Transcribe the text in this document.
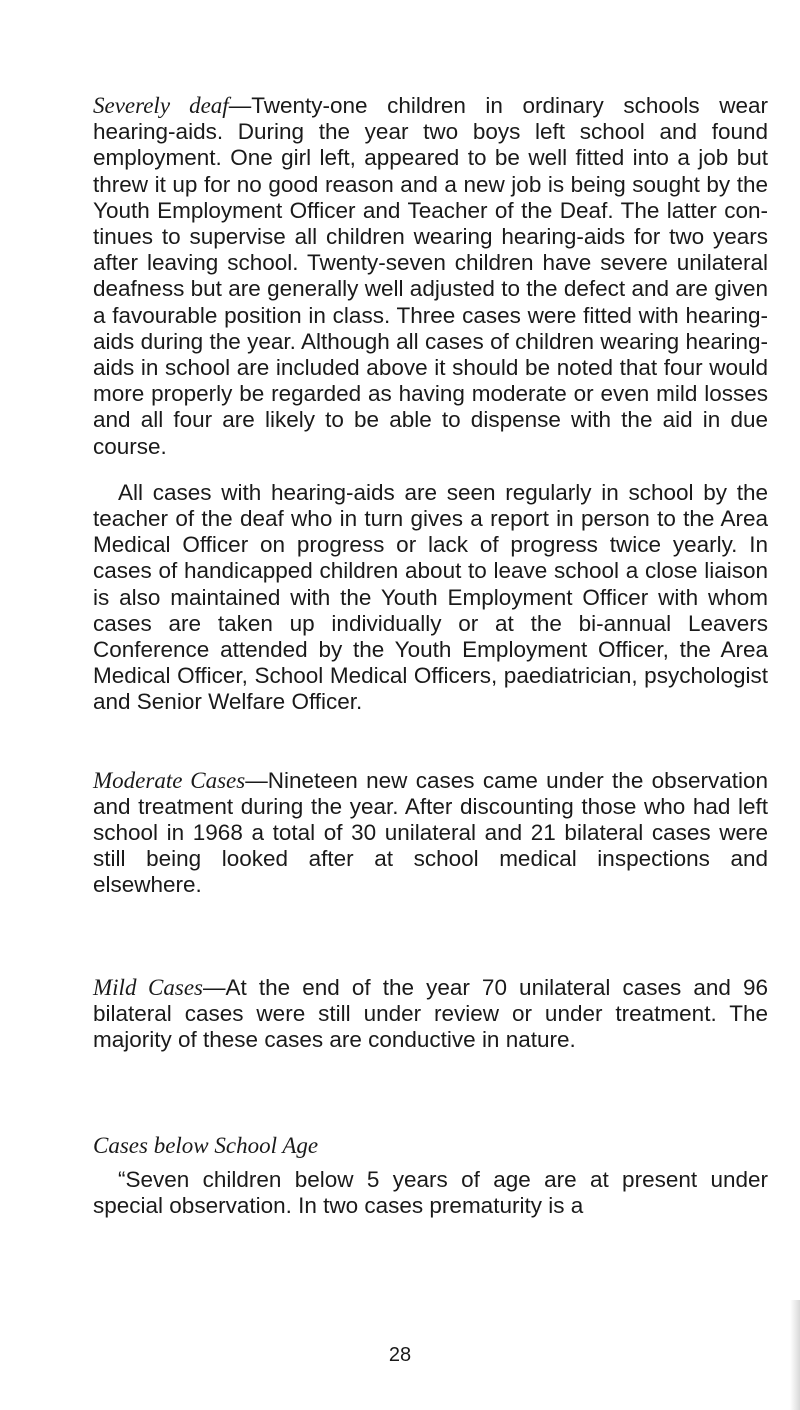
Severely deaf—Twenty-one children in ordinary schools wear hearing-aids. During the year two boys left school and found employment. One girl left, appeared to be well fitted into a job but threw it up for no good reason and a new job is being sought by the Youth Employment Officer and Teacher of the Deaf. The latter continues to supervise all children wearing hearing-aids for two years after leaving school. Twenty-seven children have severe unilateral deafness but are generally well adjusted to the defect and are given a favourable position in class. Three cases were fitted with hearing-aids during the year. Although all cases of children wearing hearing-aids in school are included above it should be noted that four would more properly be regarded as having moderate or even mild losses and all four are likely to be able to dispense with the aid in due course.

All cases with hearing-aids are seen regularly in school by the teacher of the deaf who in turn gives a report in person to the Area Medical Officer on progress or lack of progress twice yearly. In cases of handicapped children about to leave school a close liaison is also maintained with the Youth Employment Officer with whom cases are taken up individually or at the bi-annual Leavers Conference attended by the Youth Employment Officer, the Area Medical Officer, School Medical Officers, paediatrician, psychologist and Senior Welfare Officer.

Moderate Cases—Nineteen new cases came under the observation and treatment during the year. After discounting those who had left school in 1968 a total of 30 unilateral and 21 bilateral cases were still being looked after at school medical inspections and elsewhere.

Mild Cases—At the end of the year 70 unilateral cases and 96 bilateral cases were still under review or under treatment. The majority of these cases are conductive in nature.

Cases below School Age

“Seven children below 5 years of age are at present under special observation. In two cases prematurity is a

28
